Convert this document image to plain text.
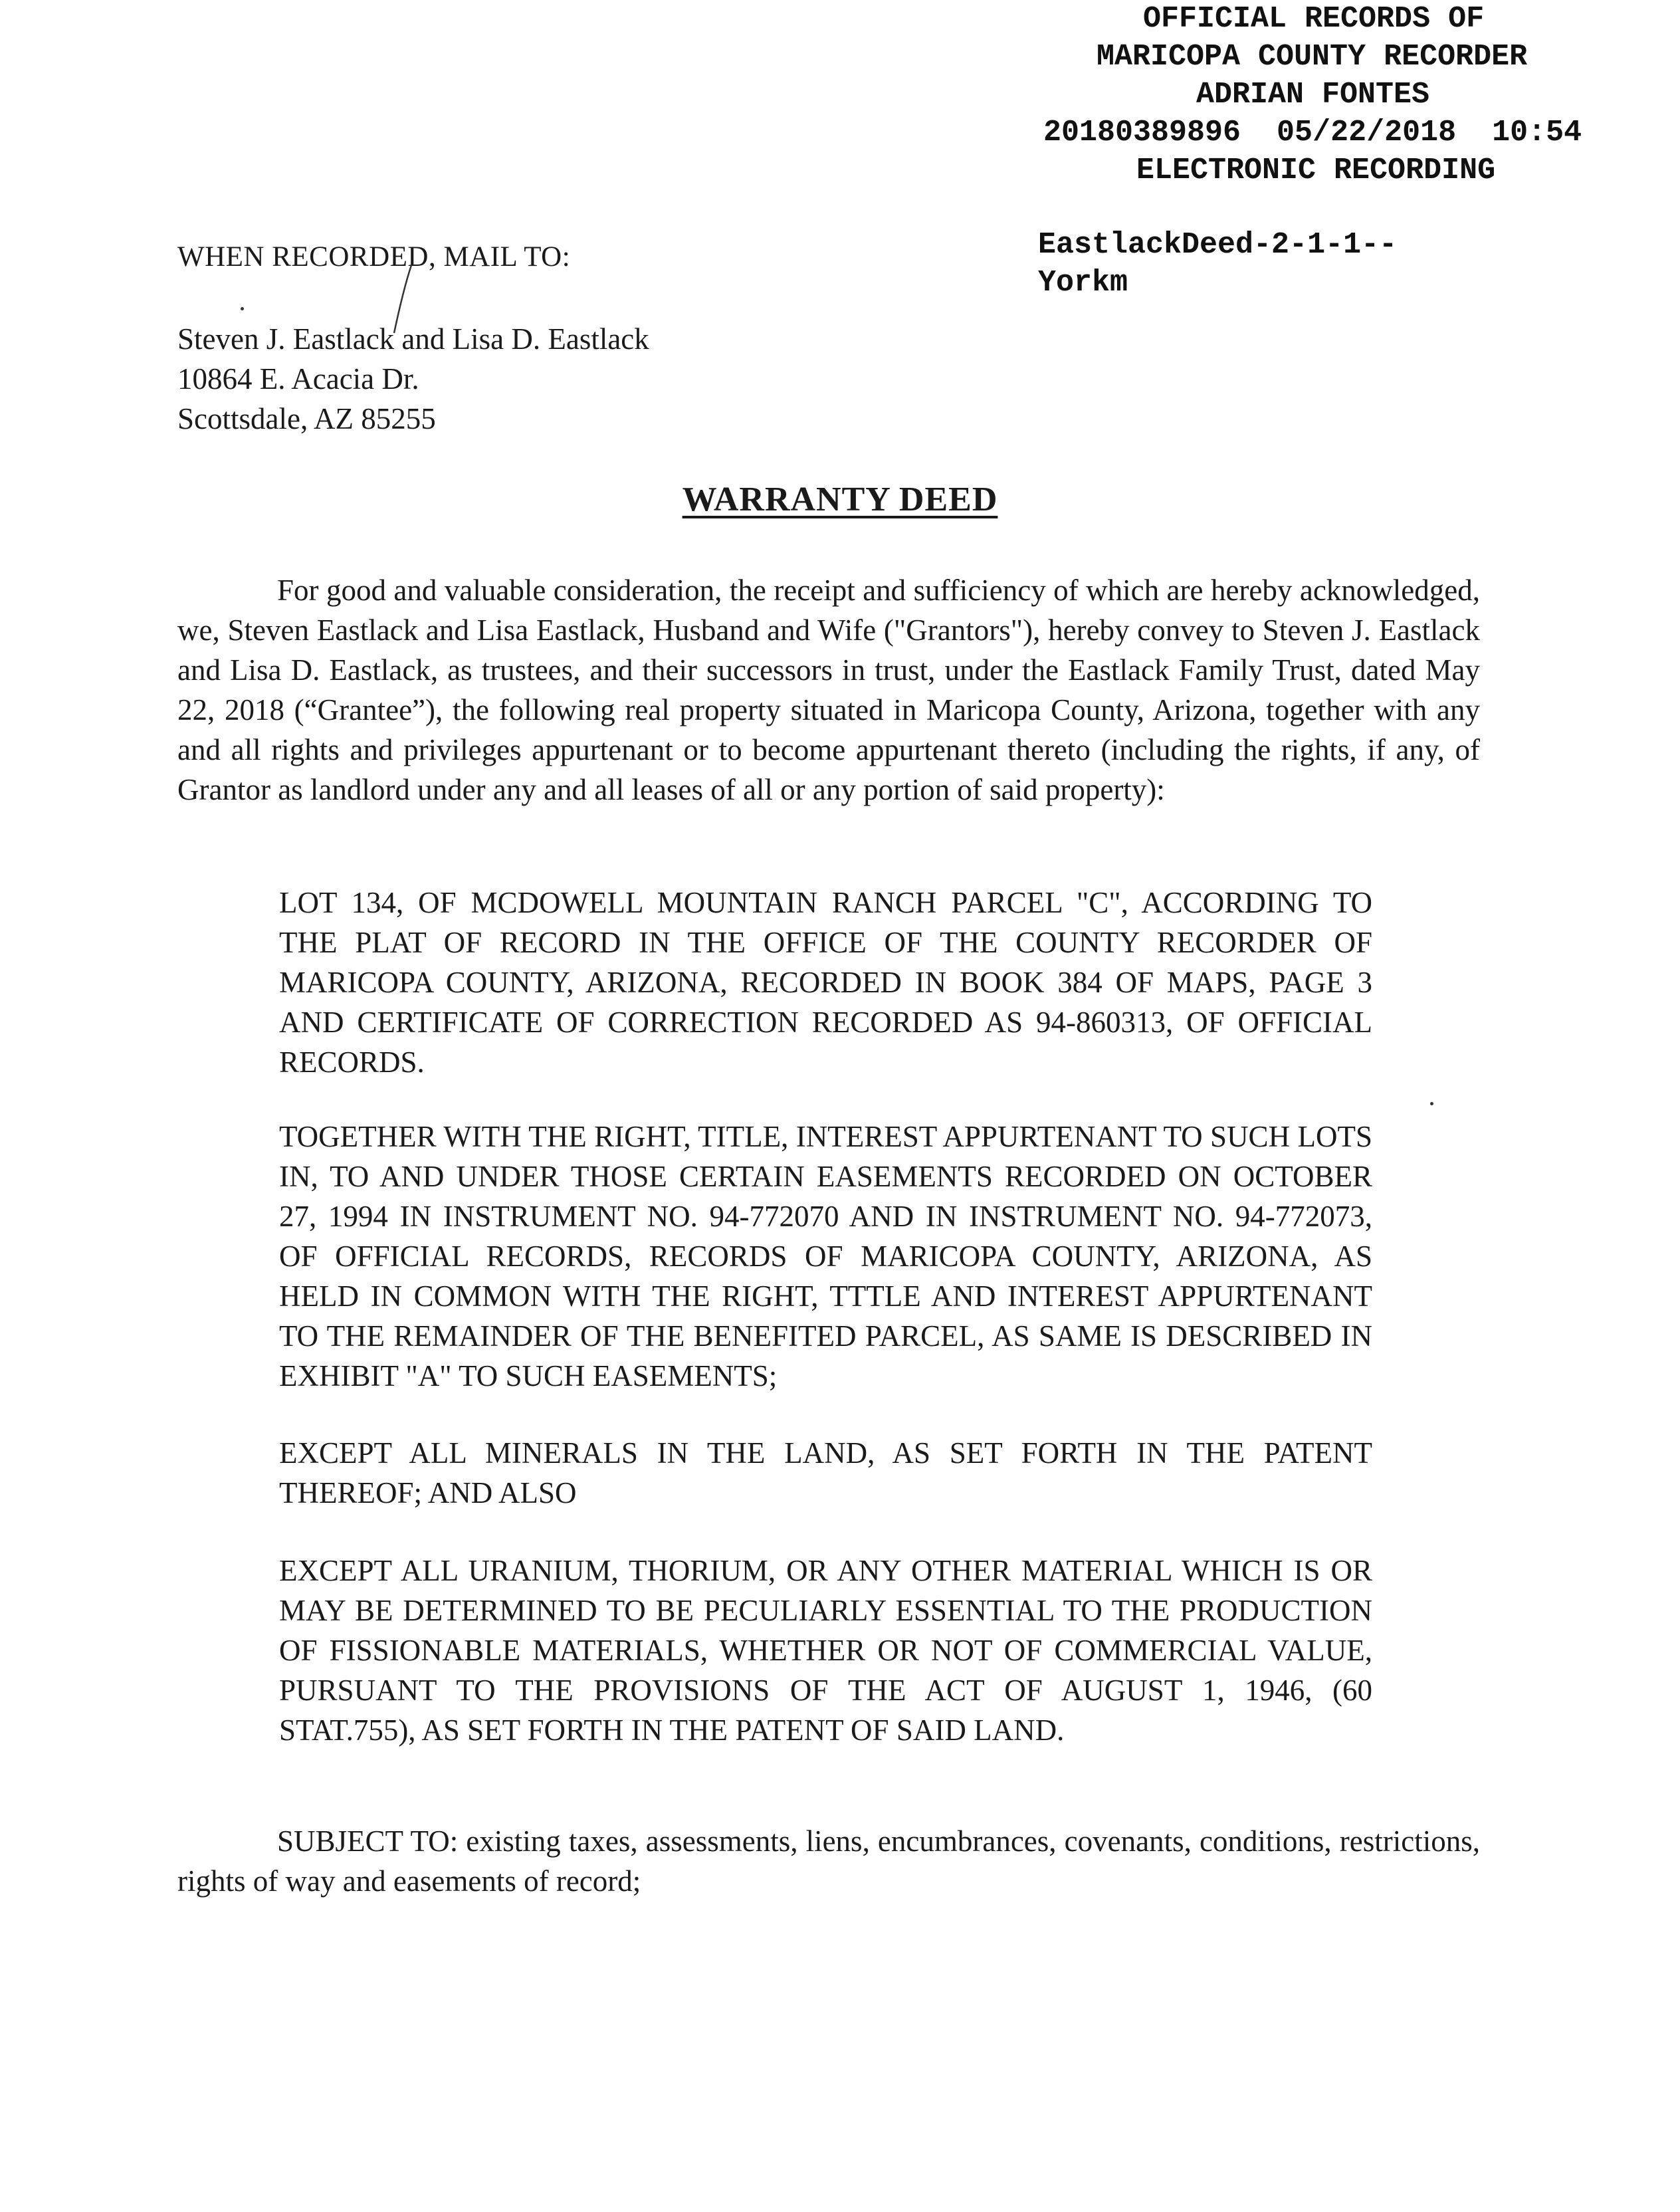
OFFICIAL RECORDS OF
MARICOPA COUNTY RECORDER
ADRIAN FONTES
20180389896  05/22/2018  10:54
ELECTRONIC RECORDING
EastlackDeed-2-1-1--
Yorkm
WHEN RECORDED, MAIL TO:
Steven J. Eastlack and Lisa D. Eastlack
10864 E. Acacia Dr.
Scottsdale, AZ 85255
WARRANTY DEED
For good and valuable consideration, the receipt and sufficiency of which are hereby acknowledged, we, Steven Eastlack and Lisa Eastlack, Husband and Wife ("Grantors"), hereby convey to Steven J. Eastlack and Lisa D. Eastlack, as trustees, and their successors in trust, under the Eastlack Family Trust, dated May 22, 2018 (“Grantee”), the following real property situated in Maricopa County, Arizona, together with any and all rights and privileges appurtenant or to become appurtenant thereto (including the rights, if any, of Grantor as landlord under any and all leases of all or any portion of said property):
LOT 134, OF MCDOWELL MOUNTAIN RANCH PARCEL "C", ACCORDING TO THE PLAT OF RECORD IN THE OFFICE OF THE COUNTY RECORDER OF MARICOPA COUNTY, ARIZONA, RECORDED IN BOOK 384 OF MAPS, PAGE 3 AND CERTIFICATE OF CORRECTION RECORDED AS 94-860313, OF OFFICIAL RECORDS.
TOGETHER WITH THE RIGHT, TITLE, INTEREST APPURTENANT TO SUCH LOTS IN, TO AND UNDER THOSE CERTAIN EASEMENTS RECORDED ON OCTOBER 27, 1994 IN INSTRUMENT NO. 94-772070 AND IN INSTRUMENT NO. 94-772073, OF OFFICIAL RECORDS, RECORDS OF MARICOPA COUNTY, ARIZONA, AS HELD IN COMMON WITH THE RIGHT, TTTLE AND INTEREST APPURTENANT TO THE REMAINDER OF THE BENEFITED PARCEL, AS SAME IS DESCRIBED IN EXHIBIT "A" TO SUCH EASEMENTS;
EXCEPT ALL MINERALS IN THE LAND, AS SET FORTH IN THE PATENT THEREOF; AND ALSO
EXCEPT ALL URANIUM, THORIUM, OR ANY OTHER MATERIAL WHICH IS OR MAY BE DETERMINED TO BE PECULIARLY ESSENTIAL TO THE PRODUCTION OF FISSIONABLE MATERIALS, WHETHER OR NOT OF COMMERCIAL VALUE, PURSUANT TO THE PROVISIONS OF THE ACT OF AUGUST 1, 1946, (60 STAT.755), AS SET FORTH IN THE PATENT OF SAID LAND.
SUBJECT TO: existing taxes, assessments, liens, encumbrances, covenants, conditions, restrictions, rights of way and easements of record;
